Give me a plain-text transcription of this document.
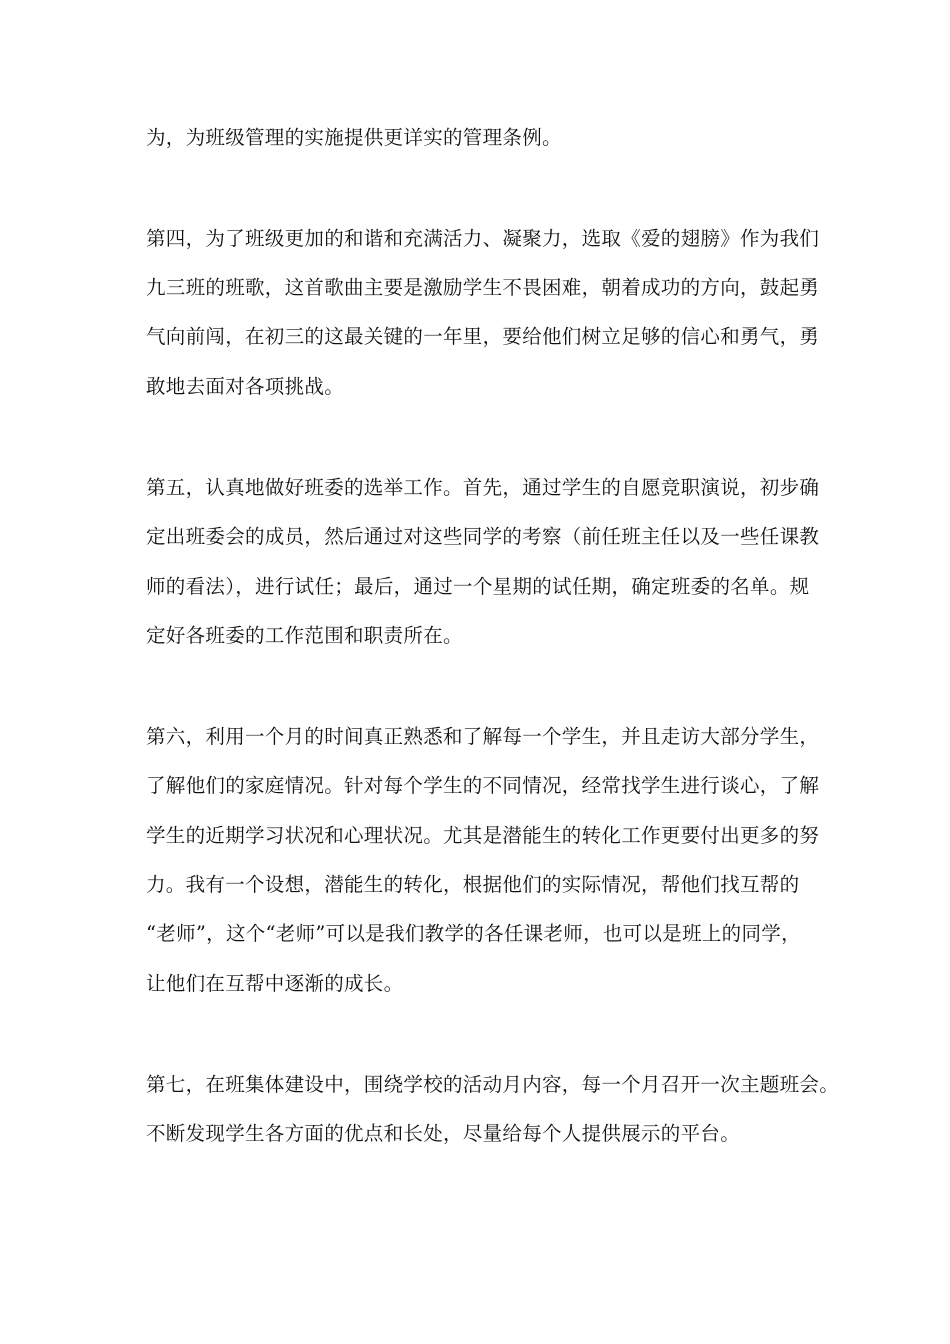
为，为班级管理的实施提供更详实的管理条例。
第四，为了班级更加的和谐和充满活力、凝聚力，选取《爱的翅膀》作为我们
九三班的班歌，这首歌曲主要是激励学生不畏困难，朝着成功的方向，鼓起勇
气向前闯，在初三的这最关键的一年里，要给他们树立足够的信心和勇气，勇
敢地去面对各项挑战。
第五，认真地做好班委的选举工作。首先，通过学生的自愿竞职演说，初步确
定出班委会的成员，然后通过对这些同学的考察（前任班主任以及一些任课教
师的看法），进行试任；最后，通过一个星期的试任期，确定班委的名单。规
定好各班委的工作范围和职责所在。
第六，利用一个月的时间真正熟悉和了解每一个学生，并且走访大部分学生，
了解他们的家庭情况。针对每个学生的不同情况，经常找学生进行谈心，了解
学生的近期学习状况和心理状况。尤其是潜能生的转化工作更要付出更多的努
力。我有一个设想，潜能生的转化，根据他们的实际情况，帮他们找互帮的
“老师”，这个“老师”可以是我们教学的各任课老师，也可以是班上的同学，
让他们在互帮中逐渐的成长。
第七，在班集体建设中，围绕学校的活动月内容，每一个月召开一次主题班会。
不断发现学生各方面的优点和长处，尽量给每个人提供展示的平台。
